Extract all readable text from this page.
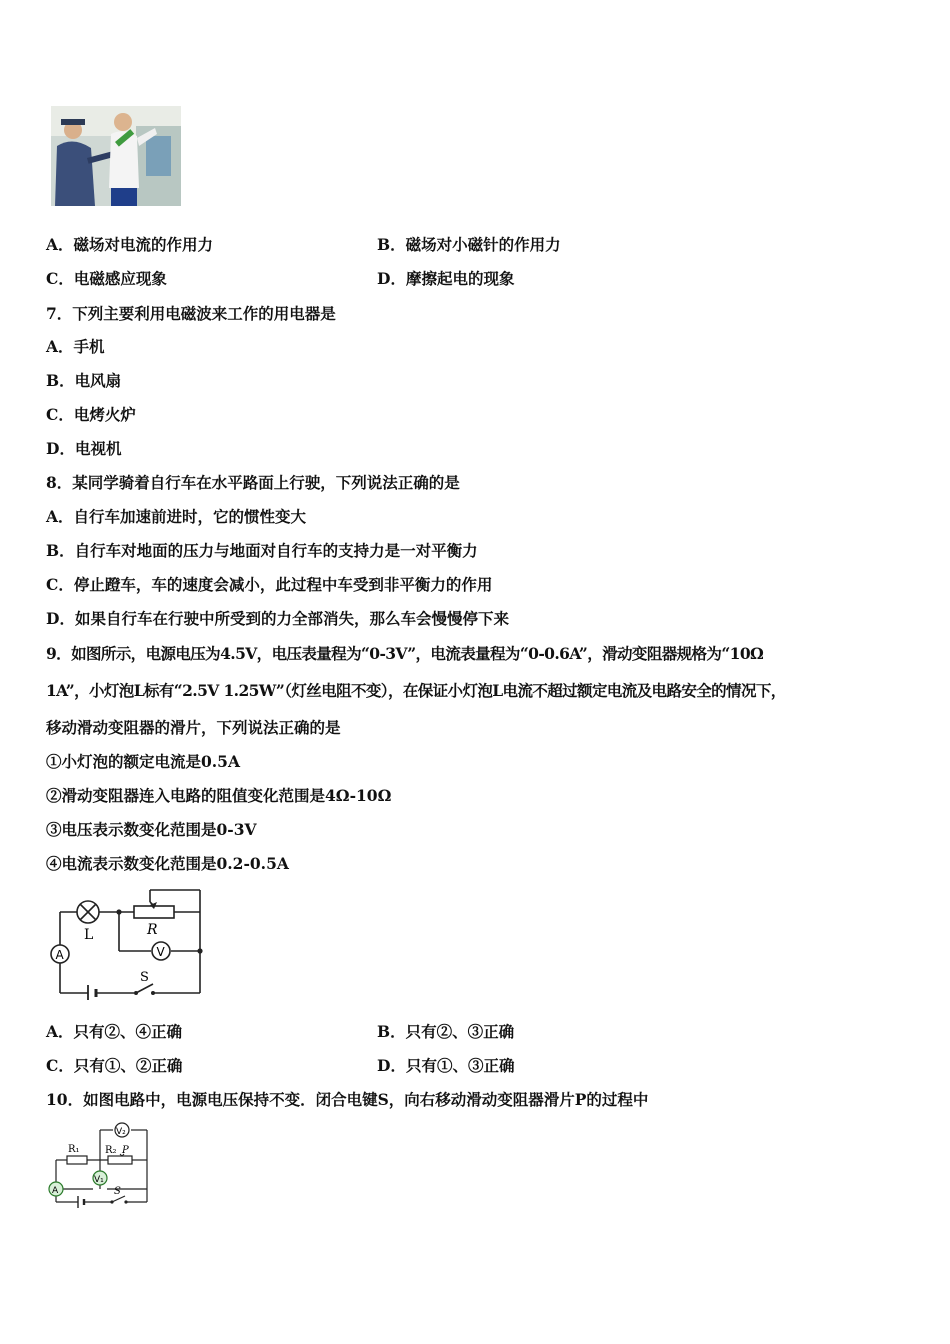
A．磁场对电流的作用力	B．磁场对小磁针的作用力
C．电磁感应现象	D．摩擦起电的现象
7．下列主要利用电磁波来工作的用电器是
A．手机
B．电风扇
C．电烤火炉
D．电视机
8．某同学骑着自行车在水平路面上行驶，下列说法正确的是
A．自行车加速前进时，它的惯性变大
B．自行车对地面的压力与地面对自行车的支持力是一对平衡力
C．停止蹬车，车的速度会减小，此过程中车受到非平衡力的作用
D．如果自行车在行驶中所受到的力全部消失，那么车会慢慢停下来
9．如图所示，电源电压为4.5V，电压表量程为“0-3V”，电流表量程为“0-0.6A”，滑动变阻器规格为“10Ω
1A”，小灯泡L标有“2.5V 1.25W”（灯丝电阻不变），在保证小灯泡L电流不超过额定电流及电路安全的情况下，
移动滑动变阻器的滑片，下列说法正确的是
①小灯泡的额定电流是0.5A
②滑动变阻器连入电路的阻值变化范围是4Ω-10Ω
③电压表示数变化范围是0-3V
④电流表示数变化范围是0.2-0.5A
L	R
A	V
S
A．只有②、④正确	B．只有②、③正确
C．只有①、②正确	D．只有①、③正确
10．如图电路中，电源电压保持不变．闭合电键S，向右移动滑动变阻器滑片P的过程中
R₁	R₂ P
V₂
A
V₁
S
